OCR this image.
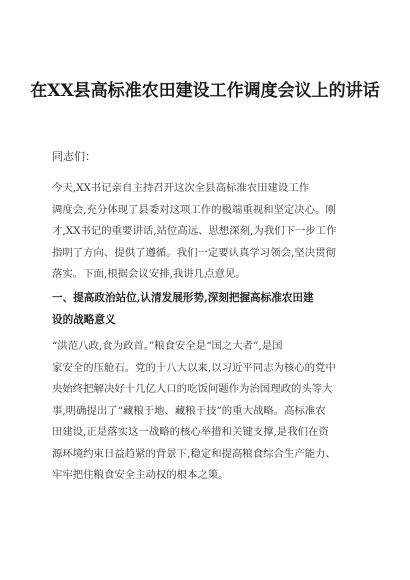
在XX县高标准农田建设工作调度会议上的讲话
同志们：

今天,XX书记亲自主持召开这次全县高标准农田建设工作
调度会,充分体现了县委对这项工作的极端重视和坚定决心。刚
才,XX书记的重要讲话,站位高远、思想深刻,为我们下一步工作
指明了方向、提供了遵循。我们一定要认真学习领会,坚决贯彻
落实。下面,根据会议安排,我讲几点意见。

一、提高政治站位,认清发展形势,深刻把握高标准农田建
设的战略意义

“洪范八政,食为政首。”粮食安全是“国之大者”,是国
家安全的压舱石。党的十八大以来,以习近平同志为核心的党中
央始终把解决好十几亿人口的吃饭问题作为治国理政的头等大
事,明确提出了“藏粮于地、藏粮于技”的重大战略。高标准农
田建设,正是落实这一战略的核心举措和关键支撑,是我们在资
源环境约束日益趋紧的背景下,稳定和提高粮食综合生产能力、
牢牢把住粮食安全主动权的根本之策。
